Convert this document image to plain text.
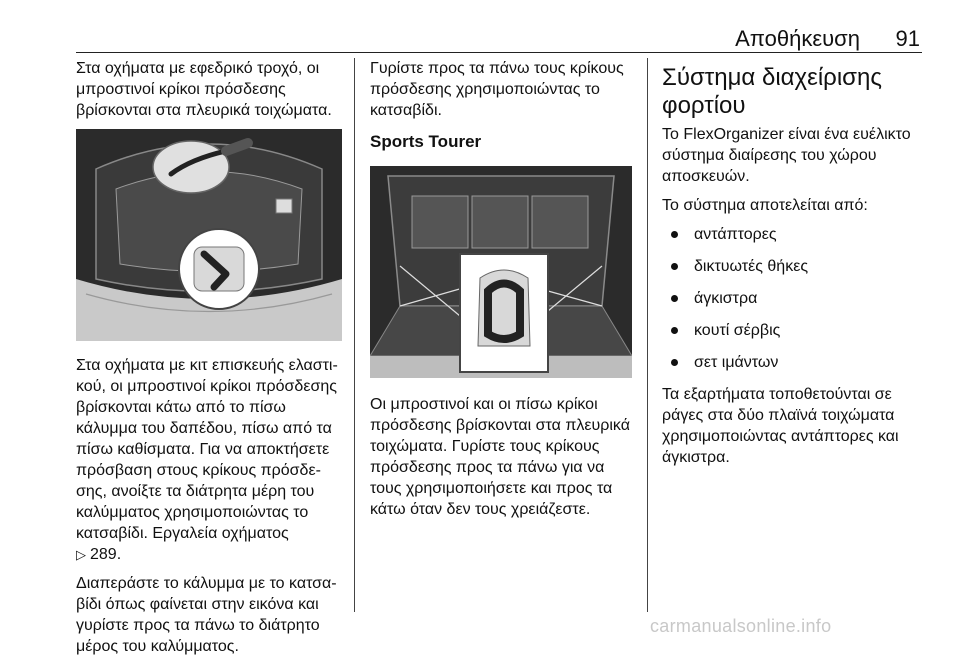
Αποθήκευση	91

Στα οχήματα με εφεδρικό τροχό, οι μπροστινοί κρίκοι πρόσδεσης βρίσκονται στα πλευρικά τοιχώματα.

Στα οχήματα με κιτ επισκευής ελαστι-κού, οι μπροστινοί κρίκοι πρόσδεσης βρίσκονται κάτω από το πίσω κάλυμμα του δαπέδου, πίσω από τα πίσω καθίσματα. Για να αποκτήσετε πρόσβαση στους κρίκους πρόσδε-σης, ανοίξτε τα διάτρητα μέρη του καλύμματος χρησιμοποιώντας το κατσαβίδι. Εργαλεία οχήματος
▷ 289.

Διαπεράστε το κάλυμμα με το κατσα-βίδι όπως φαίνεται στην εικόνα και γυρίστε προς τα πάνω το διάτρητο μέρος του καλύμματος.

Γυρίστε προς τα πάνω τους κρίκους πρόσδεσης χρησιμοποιώντας το κατσαβίδι.

Sports Tourer

Οι μπροστινοί και οι πίσω κρίκοι πρόσδεσης βρίσκονται στα πλευρικά τοιχώματα. Γυρίστε τους κρίκους πρόσδεσης προς τα πάνω για να τους χρησιμοποιήσετε και προς τα κάτω όταν δεν τους χρειάζεστε.

Σύστημα διαχείρισης φορτίου

Το FlexOrganizer είναι ένα ευέλικτο σύστημα διαίρεσης του χώρου αποσκευών.

Το σύστημα αποτελείται από:

αντάπτορες
δικτυωτές θήκες
άγκιστρα
κουτί σέρβις
σετ ιμάντων

Τα εξαρτήματα τοποθετούνται σε ράγες στα δύο πλαϊνά τοιχώματα χρησιμοποιώντας αντάπτορες και άγκιστρα.

carmanualsonline.info
